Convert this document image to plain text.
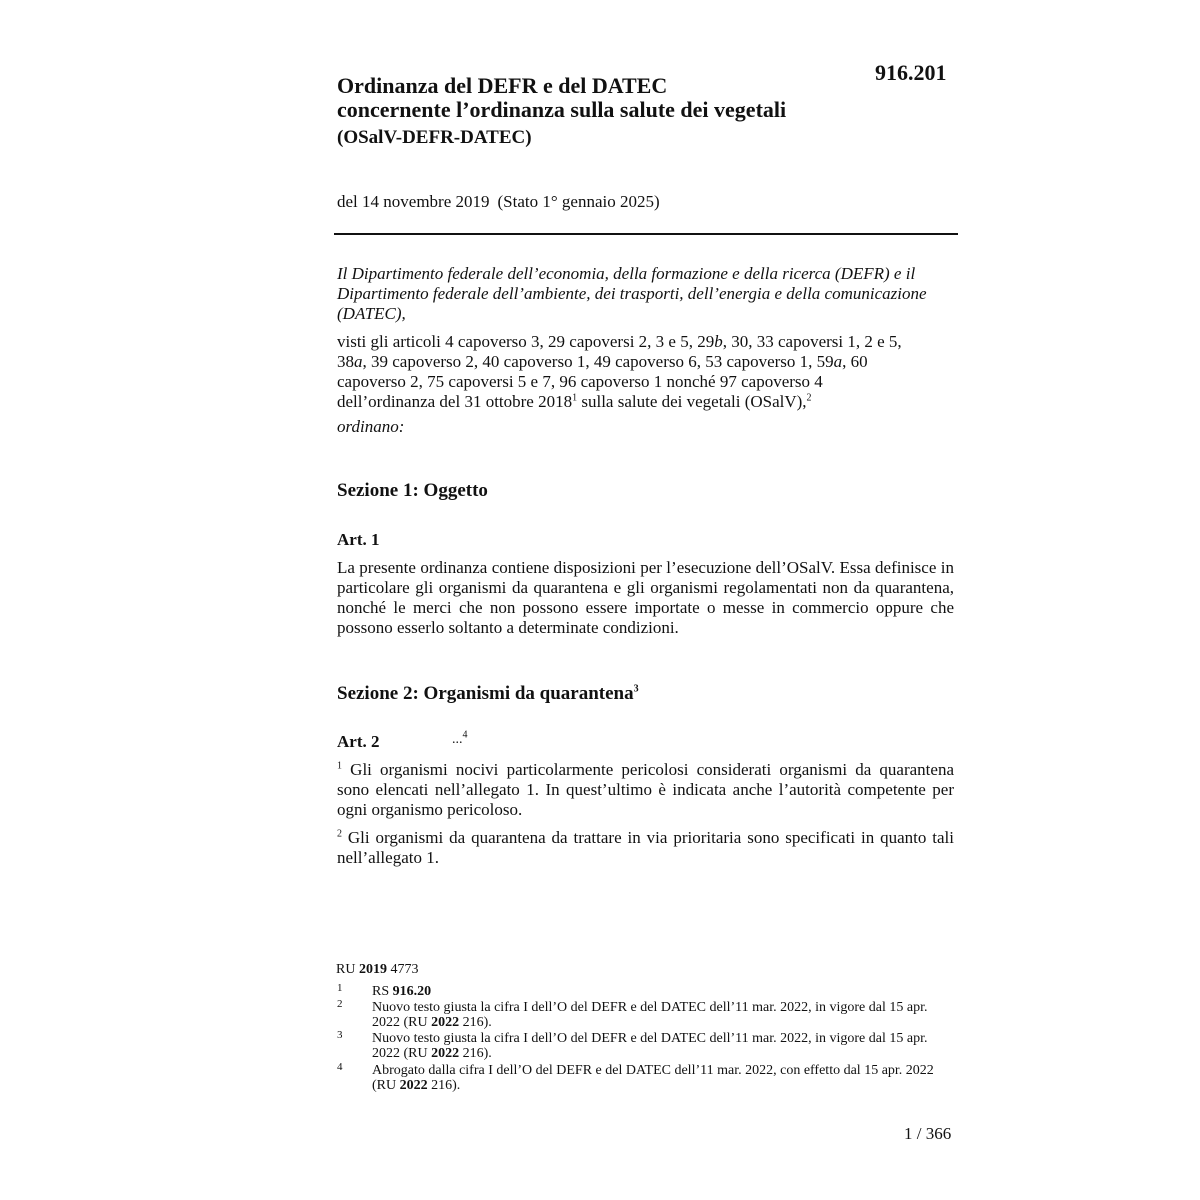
916.201
Ordinanza del DEFR e del DATEC
concernente l’ordinanza sulla salute dei vegetali
(OSalV-DEFR-DATEC)
del 14 novembre 2019 (Stato 1° gennaio 2025)
Il Dipartimento federale dell’economia, della formazione e della ricerca (DEFR) e il Dipartimento federale dell’ambiente, dei trasporti, dell’energia e della comunicazione (DATEC),
visti gli articoli 4 capoverso 3, 29 capoversi 2, 3 e 5, 29b, 30, 33 capoversi 1, 2 e 5,
38a, 39 capoverso 2, 40 capoverso 1, 49 capoverso 6, 53 capoverso 1, 59a, 60
capoverso 2, 75 capoversi 5 e 7, 96 capoverso 1 nonché 97 capoverso 4
dell’ordinanza del 31 ottobre 2018$^1$ sulla salute dei vegetali (OSalV),$^2$
ordinano:
Sezione 1: Oggetto
Art. 1
La presente ordinanza contiene disposizioni per l’esecuzione dell’OSalV. Essa definisce in particolare gli organismi da quarantena e gli organismi regolamentati non da quarantena, nonché le merci che non possono essere importate o messe in commercio oppure che possono esserlo soltanto a determinate condizioni.
Sezione 2: Organismi da quarantena$^3$
Art. 2	...$^4$
$^1$ Gli organismi nocivi particolarmente pericolosi considerati organismi da quarantena sono elencati nell’allegato 1. In quest’ultimo è indicata anche l’autorità competente per ogni organismo pericoloso.
$^2$ Gli organismi da quarantena da trattare in via prioritaria sono specificati in quanto tali nell’allegato 1.
RU 2019 4773
1 RS 916.20
2 Nuovo testo giusta la cifra I dell’O del DEFR e del DATEC dell’11 mar. 2022, in vigore dal 15 apr. 2022 (RU 2022 216).
3 Nuovo testo giusta la cifra I dell’O del DEFR e del DATEC dell’11 mar. 2022, in vigore dal 15 apr. 2022 (RU 2022 216).
4 Abrogato dalla cifra I dell’O del DEFR e del DATEC dell’11 mar. 2022, con effetto dal 15 apr. 2022 (RU 2022 216).
1 / 366
